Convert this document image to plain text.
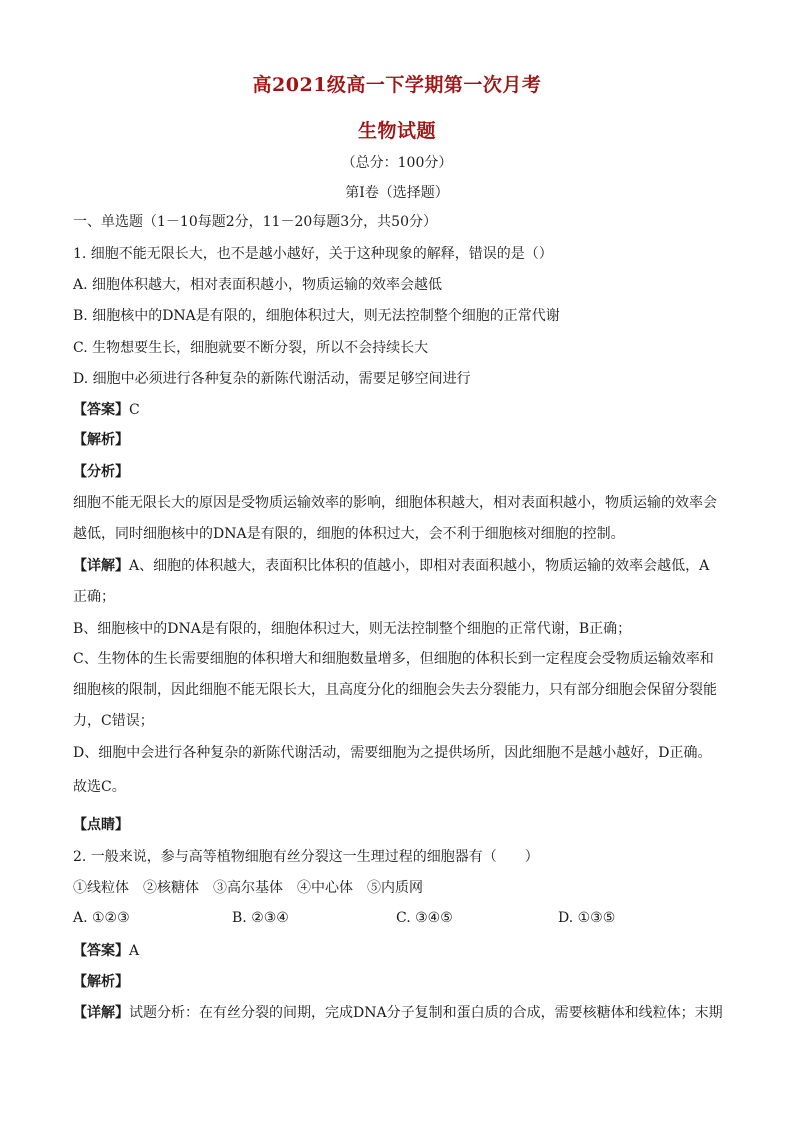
高2021级高一下学期第一次月考
生物试题
（总分：100分）
第Ⅰ卷（选择题）
一、单选题（1－10每题2分，11－20每题3分，共50分）
1. 细胞不能无限长大，也不是越小越好，关于这种现象的解释，错误的是（）
A. 细胞体积越大，相对表面积越小，物质运输的效率会越低
B. 细胞核中的DNA是有限的，细胞体积过大，则无法控制整个细胞的正常代谢
C. 生物想要生长，细胞就要不断分裂，所以不会持续长大
D. 细胞中必须进行各种复杂的新陈代谢活动，需要足够空间进行
【答案】C
【解析】
【分析】
细胞不能无限长大的原因是受物质运输效率的影响，细胞体积越大，相对表面积越小，物质运输的效率会越低，同时细胞核中的DNA是有限的，细胞的体积过大，会不利于细胞核对细胞的控制。
【详解】A、细胞的体积越大，表面积比体积的值越小，即相对表面积越小，物质运输的效率会越低，A正确；
B、细胞核中的DNA是有限的，细胞体积过大，则无法控制整个细胞的正常代谢，B正确；
C、生物体的生长需要细胞的体积增大和细胞数量增多，但细胞的体积长到一定程度会受物质运输效率和细胞核的限制，因此细胞不能无限长大，且高度分化的细胞会失去分裂能力，只有部分细胞会保留分裂能力，C错误；
D、细胞中会进行各种复杂的新陈代谢活动，需要细胞为之提供场所，因此细胞不是越小越好，D正确。
故选C。
【点睛】
2. 一般来说，参与高等植物细胞有丝分裂这一生理过程的细胞器有（　　）
①线粒体　②核糖体　③高尔基体　④中心体　⑤内质网
A. ①②③	B. ②③④	C. ③④⑤	D. ①③⑤
【答案】A
【解析】
【详解】试题分析：在有丝分裂的间期，完成DNA分子复制和蛋白质的合成，需要核糖体和线粒体；末期
